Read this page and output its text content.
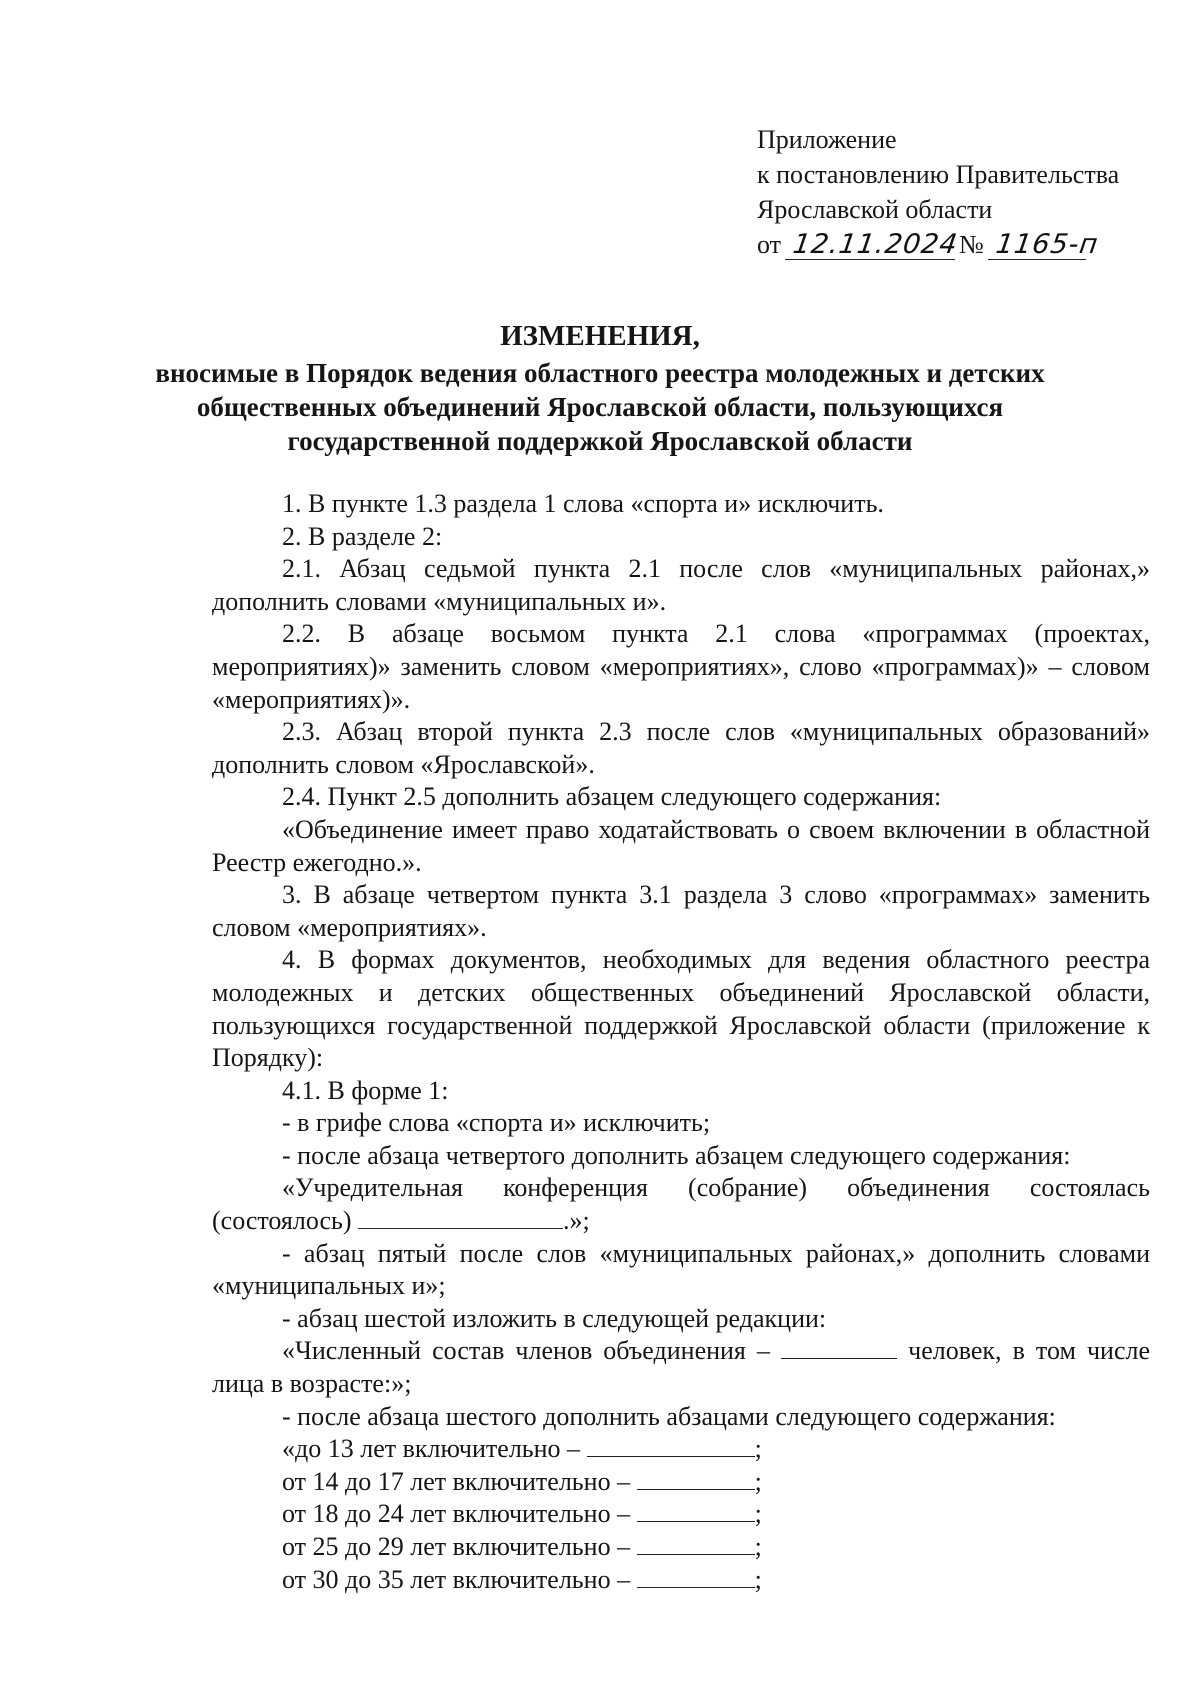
Приложение
к постановлению Правительства
Ярославской области
от 12.11.2024№ 1165-п
ИЗМЕНЕНИЯ,
вносимые в Порядок ведения областного реестра молодежных и детских
общественных объединений Ярославской области, пользующихся
государственной поддержкой Ярославской области

1. В пункте 1.3 раздела 1 слова «спорта и» исключить.

2. В разделе 2:

2.1. Абзац седьмой пункта 2.1 после слов «муниципальных районах,» дополнить словами «муниципальных и».

2.2. В абзаце восьмом пункта 2.1 слова «программах (проектах, мероприятиях)» заменить словом «мероприятиях», слово «программах)» – словом «мероприятиях)».

2.3. Абзац второй пункта 2.3 после слов «муниципальных образований» дополнить словом «Ярославской».

2.4. Пункт 2.5 дополнить абзацем следующего содержания:

«Объединение имеет право ходатайствовать о своем включении в областной Реестр ежегодно.».

3. В абзаце четвертом пункта 3.1 раздела 3 слово «программах» заменить словом «мероприятиях».

4. В формах документов, необходимых для ведения областного реестра молодежных и детских общественных объединений Ярославской области, пользующихся государственной поддержкой Ярославской области (приложение к Порядку):

4.1. В форме 1:

- в грифе слова «спорта и» исключить;

- после абзаца четвертого дополнить абзацем следующего содержания:

«Учредительная конференция (собрание) объединения состоялась (состоялось)	.»;

- абзац пятый после слов «муниципальных районах,» дополнить словами «муниципальных и»;

- абзац шестой изложить в следующей редакции:

«Численный состав членов объединения –	человек, в том числе лица в возрасте:»;

- после абзаца шестого дополнить абзацами следующего содержания:

«до 13 лет включительно –	;

от 14 до 17 лет включительно –	;

от 18 до 24 лет включительно –	;

от 25 до 29 лет включительно –	;

от 30 до 35 лет включительно –	;
